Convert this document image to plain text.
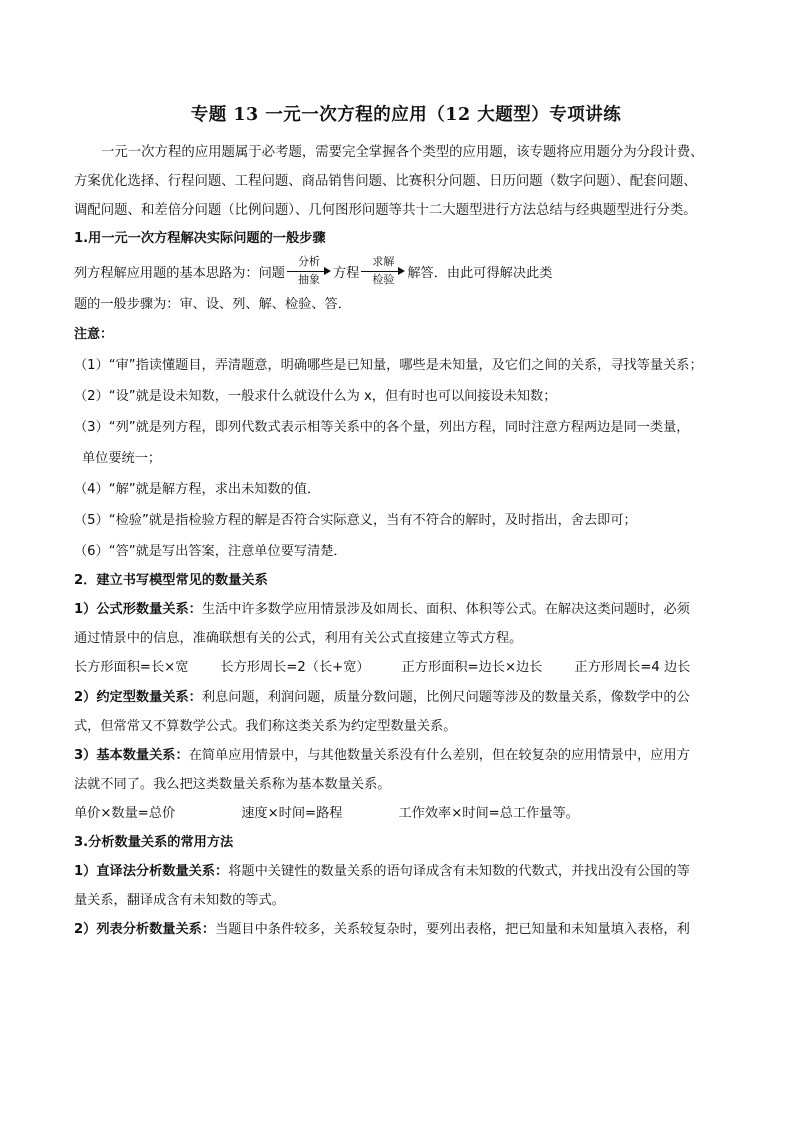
专题 13 一元一次方程的应用（12 大题型）专项讲练

一元一次方程的应用题属于必考题，需要完全掌握各个类型的应用题，该专题将应用题分为分段计费、

方案优化选择、行程问题、工程问题、商品销售问题、比赛积分问题、日历问题（数字问题）、配套问题、

调配问题、和差倍分问题（比例问题）、几何图形问题等共十二大题型进行方法总结与经典题型进行分类。

1.用一元一次方程解决实际问题的一般步骤

列方程解应用题的基本思路为：问题
分析
抽象 方程
求解
检验 解答．由此可得解决此类

题的一般步骤为：审、设、列、解、检验、答．

注意：

（1）“审”指读懂题目，弄清题意，明确哪些是已知量，哪些是未知量，及它们之间的关系，寻找等量关系；

（2）“设”就是设未知数，一般求什么就设什么为 x，但有时也可以间接设未知数；

（3）“列”就是列方程，即列代数式表示相等关系中的各个量，列出方程，同时注意方程两边是同一类量，

单位要统一；

（4）“解”就是解方程，求出未知数的值．

（5）“检验”就是指检验方程的解是否符合实际意义，当有不符合的解时，及时指出，舍去即可；

（6）“答”就是写出答案，注意单位要写清楚．

2．建立书写模型常见的数量关系

1）公式形数量关系：生活中许多数学应用情景涉及如周长、面积、体积等公式。在解决这类问题时，必须

通过情景中的信息，准确联想有关的公式，利用有关公式直接建立等式方程。

长方形面积=长×宽 长方形周长=2（长+宽） 正方形面积=边长×边长 正方形周长=4 边长

2）约定型数量关系：利息问题，利润问题，质量分数问题，比例尺问题等涉及的数量关系，像数学中的公

式，但常常又不算数学公式。我们称这类关系为约定型数量关系。

3）基本数量关系：在简单应用情景中，与其他数量关系没有什么差别，但在较复杂的应用情景中，应用方

法就不同了。我么把这类数量关系称为基本数量关系。

单价×数量=总价	速度×时间=路程	工作效率×时间=总工作量等。

3.分析数量关系的常用方法

1）直译法分析数量关系：将题中关键性的数量关系的语句译成含有未知数的代数式，并找出没有公国的等

量关系，翻译成含有未知数的等式。

2）列表分析数量关系：当题目中条件较多，关系较复杂时，要列出表格，把已知量和未知量填入表格，利
